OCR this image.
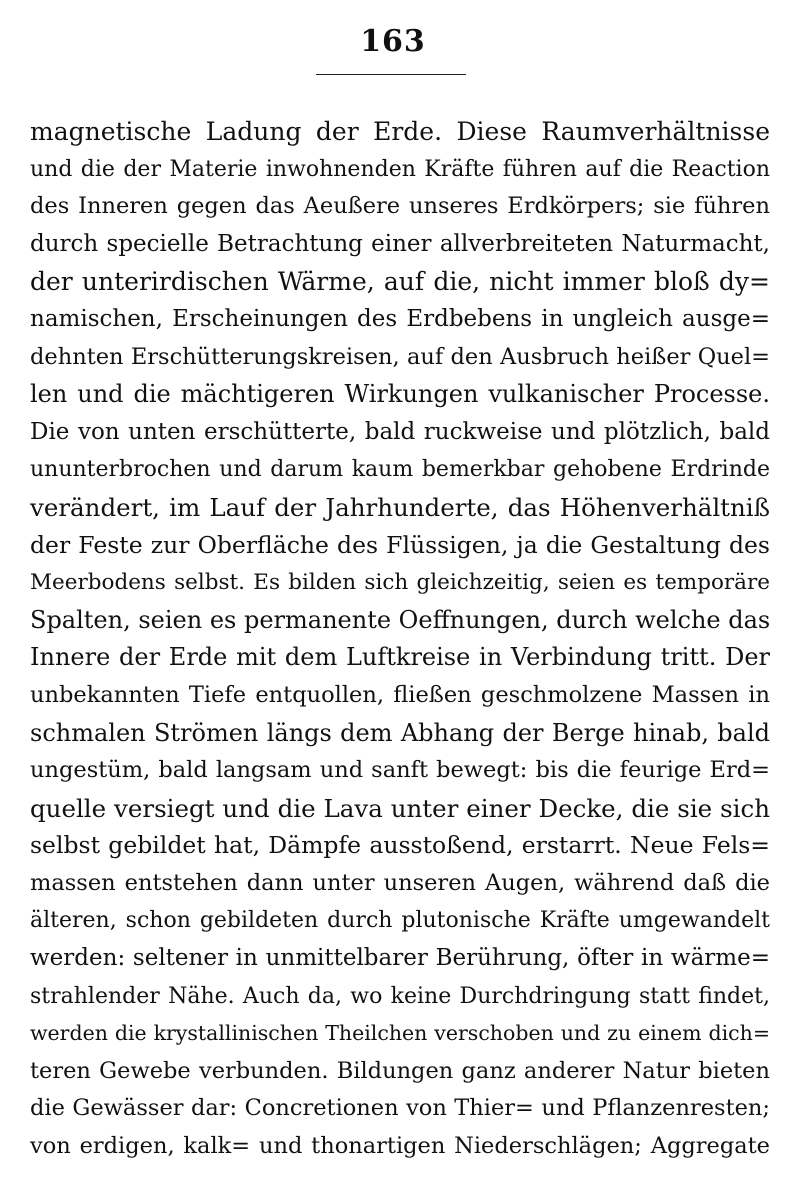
163
magnetische Ladung der Erde. Diese Raumverhältnisse
und die der Materie inwohnenden Kräfte führen auf die Reaction
des Inneren gegen das Aeußere unseres Erdkörpers; sie führen
durch specielle Betrachtung einer allverbreiteten Naturmacht,
der unterirdischen Wärme, auf die, nicht immer bloß dy=
namischen, Erscheinungen des Erdbebens in ungleich ausge=
dehnten Erschütterungskreisen, auf den Ausbruch heißer Quel=
len und die mächtigeren Wirkungen vulkanischer Processe.
Die von unten erschütterte, bald ruckweise und plötzlich, bald
ununterbrochen und darum kaum bemerkbar gehobene Erdrinde
verändert, im Lauf der Jahrhunderte, das Höhenverhältniß
der Feste zur Oberfläche des Flüssigen, ja die Gestaltung des
Meerbodens selbst. Es bilden sich gleichzeitig, seien es temporäre
Spalten, seien es permanente Oeffnungen, durch welche das
Innere der Erde mit dem Luftkreise in Verbindung tritt. Der
unbekannten Tiefe entquollen, fließen geschmolzene Massen in
schmalen Strömen längs dem Abhang der Berge hinab, bald
ungestüm, bald langsam und sanft bewegt: bis die feurige Erd=
quelle versiegt und die Lava unter einer Decke, die sie sich
selbst gebildet hat, Dämpfe ausstoßend, erstarrt. Neue Fels=
massen entstehen dann unter unseren Augen, während daß die
älteren, schon gebildeten durch plutonische Kräfte umgewandelt
werden: seltener in unmittelbarer Berührung, öfter in wärme=
strahlender Nähe. Auch da, wo keine Durchdringung statt findet,
werden die krystallinischen Theilchen verschoben und zu einem dich=
teren Gewebe verbunden. Bildungen ganz anderer Natur bieten
die Gewässer dar: Concretionen von Thier= und Pflanzenresten;
von erdigen, kalk= und thonartigen Niederschlägen; Aggregate
